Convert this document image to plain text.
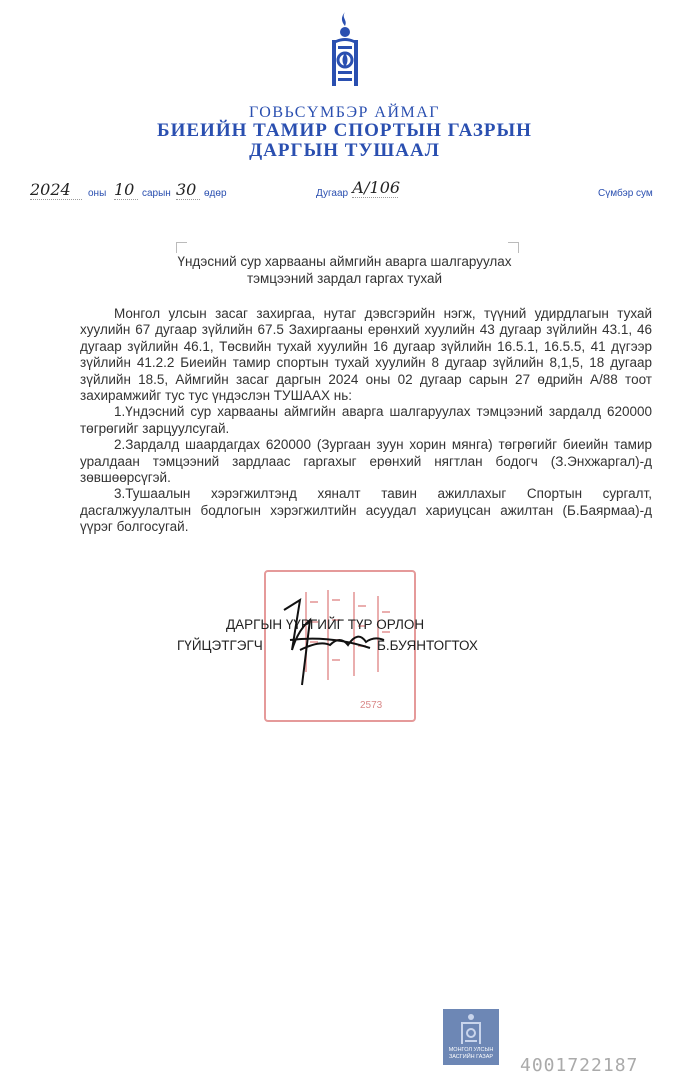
ГОВЬСҮМБЭР АЙМАГ
БИЕИЙН ТАМИР СПОРТЫН ГАЗРЫН
ДАРГЫН ТУШААЛ
2024	оны 10 сарын 30 өдөр	Дугаар А/106	Сүмбэр сум
Үндэсний сур харвааны аймгийн аварга шалгаруулах
тэмцээний зардал гаргах тухай

Монгол улсын засаг захиргаа, нутаг дэвсгэрийн нэгж, түүний удирдлагын тухай хуулийн 67 дугаар зүйлийн 67.5 Захиргааны ерөнхий хуулийн 43 дугаар зүйлийн 43.1, 46 дугаар зүйлийн 46.1, Төсвийн тухай хуулийн 16 дугаар зүйлийн 16.5.1, 16.5.5, 41 дүгээр зүйлийн 41.2.2 Биеийн тамир спортын тухай хуулийн 8 дугаар зүйлийн 8,1,5, 18 дугаар зүйлийн 18.5, Аймгийн засаг даргын 2024 оны 02 дугаар сарын 27 өдрийн А/88 тоот захирамжийг тус тус үндэслэн ТУШААХ нь:

1.Үндэсний сур харвааны аймгийн аварга шалгаруулах тэмцээний зардалд 620000 төгрөгийг зарцуулсугай.

2.Зардалд шаардагдах 620000 (Зургаан зуун хорин мянга) төгрөгийг биеийн тамир уралдаан тэмцээний зардлаас гаргахыг ерөнхий нягтлан бодогч (З.Энхжаргал)-д зөвшөөрсүгэй.

3.Тушаалын хэрэгжилтэнд хяналт тавин ажиллахыг Спортын сургалт, дасгалжуулалтын бодлогын хэрэгжилтийн асуудал хариуцсан ажилтан (Б.Баярмаа)-д үүрэг болгосугай.

2573
ДАРГЫН ҮҮРГИЙГ ТҮР ОРЛОН
ГҮЙЦЭТГЭГЧ	Б.БУЯНТОГТОХ
МОНГОЛ УЛСЫН
ЗАСГИЙН ГАЗАР	4001722187
